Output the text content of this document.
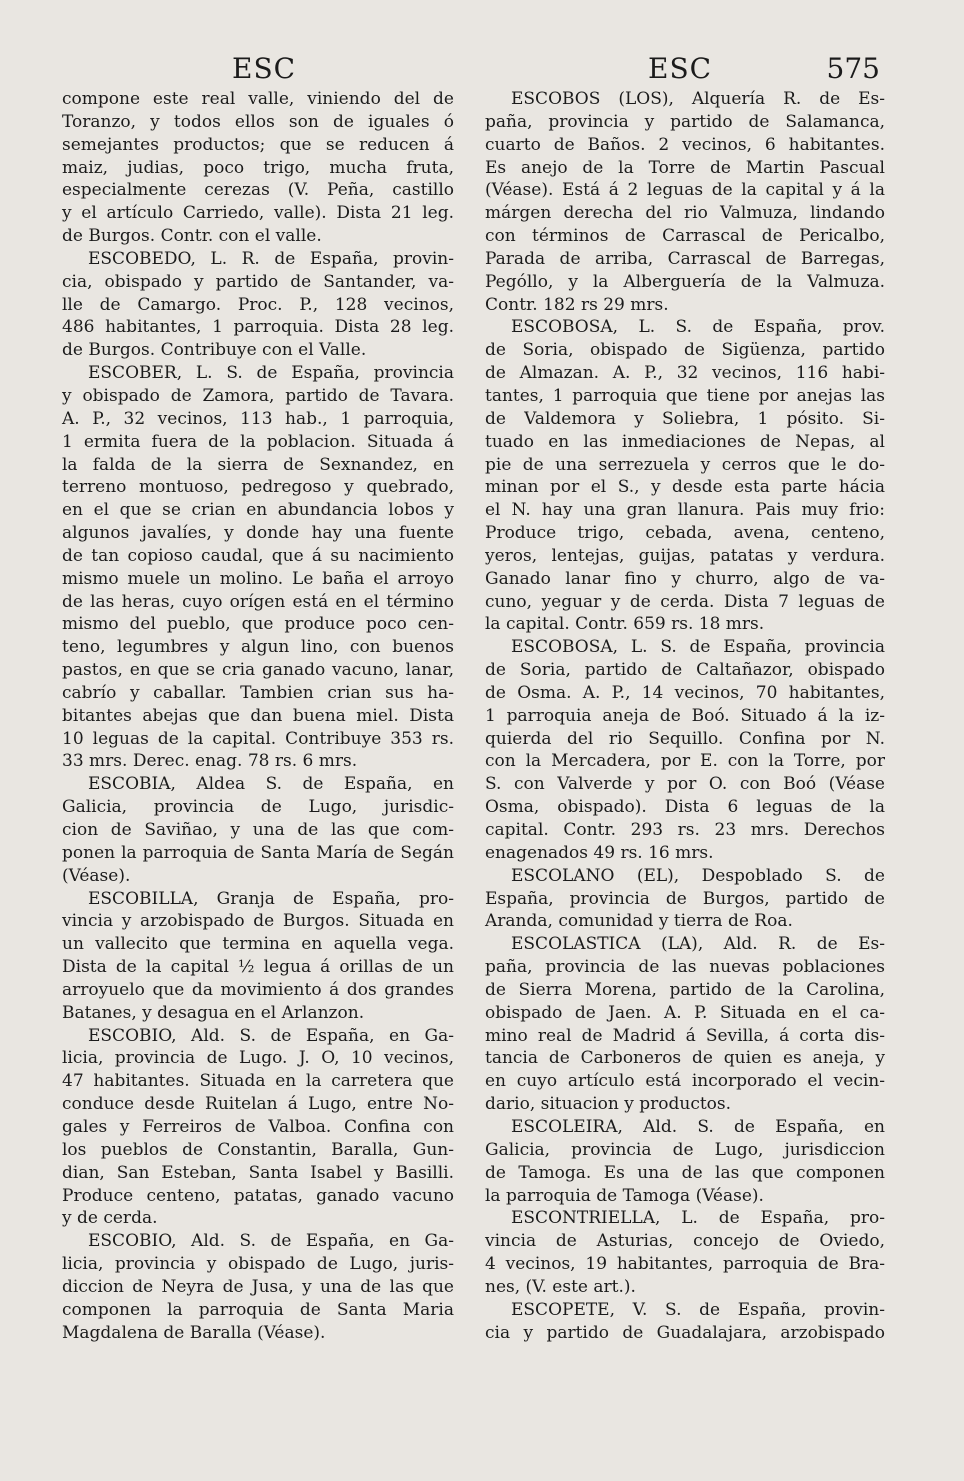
ESC	ESC	575
compone este real valle, viniendo del de
Toranzo, y todos ellos son de iguales ó
semejantes productos; que se reducen á
maiz, judias, poco trigo, mucha fruta,
especialmente cerezas (V. Peña, castillo
y el artículo Carriedo, valle). Dista 21 leg.
de Burgos. Contr. con el valle.
ESCOBEDO, L. R. de España, provin-
cia, obispado y partido de Santander, va-
lle de Camargo. Proc. P., 128 vecinos,
486 habitantes, 1 parroquia. Dista 28 leg.
de Burgos. Contribuye con el Valle.
ESCOBER, L. S. de España, provincia
y obispado de Zamora, partido de Tavara.
A. P., 32 vecinos, 113 hab., 1 parroquia,
1 ermita fuera de la poblacion. Situada á
la falda de la sierra de Sexnandez, en
terreno montuoso, pedregoso y quebrado,
en el que se crian en abundancia lobos y
algunos javalíes, y donde hay una fuente
de tan copioso caudal, que á su nacimiento
mismo muele un molino. Le baña el arroyo
de las heras, cuyo orígen está en el término
mismo del pueblo, que produce poco cen-
teno, legumbres y algun lino, con buenos
pastos, en que se cria ganado vacuno, lanar,
cabrío y caballar. Tambien crian sus ha-
bitantes abejas que dan buena miel. Dista
10 leguas de la capital. Contribuye 353 rs.
33 mrs. Derec. enag. 78 rs. 6 mrs.
ESCOBIA, Aldea S. de España, en
Galicia, provincia de Lugo, jurisdic-
cion de Saviñao, y una de las que com-
ponen la parroquia de Santa María de Segán
(Véase).
ESCOBILLA, Granja de España, pro-
vincia y arzobispado de Burgos. Situada en
un vallecito que termina en aquella vega.
Dista de la capital ½ legua á orillas de un
arroyuelo que da movimiento á dos grandes
Batanes, y desagua en el Arlanzon.
ESCOBIO, Ald. S. de España, en Ga-
licia, provincia de Lugo. J. O, 10 vecinos,
47 habitantes. Situada en la carretera que
conduce desde Ruitelan á Lugo, entre No-
gales y Ferreiros de Valboa. Confina con
los pueblos de Constantin, Baralla, Gun-
dian, San Esteban, Santa Isabel y Basilli.
Produce centeno, patatas, ganado vacuno
y de cerda.
ESCOBIO, Ald. S. de España, en Ga-
licia, provincia y obispado de Lugo, juris-
diccion de Neyra de Jusa, y una de las que
componen la parroquia de Santa Maria
Magdalena de Baralla (Véase).
ESCOBOS (LOS), Alquería R. de Es-
paña, provincia y partido de Salamanca,
cuarto de Baños. 2 vecinos, 6 habitantes.
Es anejo de la Torre de Martin Pascual
(Véase). Está á 2 leguas de la capital y á la
márgen derecha del rio Valmuza, lindando
con términos de Carrascal de Pericalbo,
Parada de arriba, Carrascal de Barregas,
Pególlo, y la Alberguería de la Valmuza.
Contr. 182 rs 29 mrs.
ESCOBOSA, L. S. de España, prov.
de Soria, obispado de Sigüenza, partido
de Almazan. A. P., 32 vecinos, 116 habi-
tantes, 1 parroquia que tiene por anejas las
de Valdemora y Soliebra, 1 pósito. Si-
tuado en las inmediaciones de Nepas, al
pie de una serrezuela y cerros que le do-
minan por el S., y desde esta parte hácia
el N. hay una gran llanura. Pais muy frio:
Produce trigo, cebada, avena, centeno,
yeros, lentejas, guijas, patatas y verdura.
Ganado lanar fino y churro, algo de va-
cuno, yeguar y de cerda. Dista 7 leguas de
la capital. Contr. 659 rs. 18 mrs.
ESCOBOSA, L. S. de España, provincia
de Soria, partido de Caltañazor, obispado
de Osma. A. P., 14 vecinos, 70 habitantes,
1 parroquia aneja de Boó. Situado á la iz-
quierda del rio Sequillo. Confina por N.
con la Mercadera, por E. con la Torre, por
S. con Valverde y por O. con Boó (Véase
Osma, obispado). Dista 6 leguas de la
capital. Contr. 293 rs. 23 mrs. Derechos
enagenados 49 rs. 16 mrs.
ESCOLANO (EL), Despoblado S. de
España, provincia de Burgos, partido de
Aranda, comunidad y tierra de Roa.
ESCOLASTICA (LA), Ald. R. de Es-
paña, provincia de las nuevas poblaciones
de Sierra Morena, partido de la Carolina,
obispado de Jaen. A. P. Situada en el ca-
mino real de Madrid á Sevilla, á corta dis-
tancia de Carboneros de quien es aneja, y
en cuyo artículo está incorporado el vecin-
dario, situacion y productos.
ESCOLEIRA, Ald. S. de España, en
Galicia, provincia de Lugo, jurisdiccion
de Tamoga. Es una de las que componen
la parroquia de Tamoga (Véase).
ESCONTRIELLA, L. de España, pro-
vincia de Asturias, concejo de Oviedo,
4 vecinos, 19 habitantes, parroquia de Bra-
nes, (V. este art.).
ESCOPETE, V. S. de España, provin-
cia y partido de Guadalajara, arzobispado
